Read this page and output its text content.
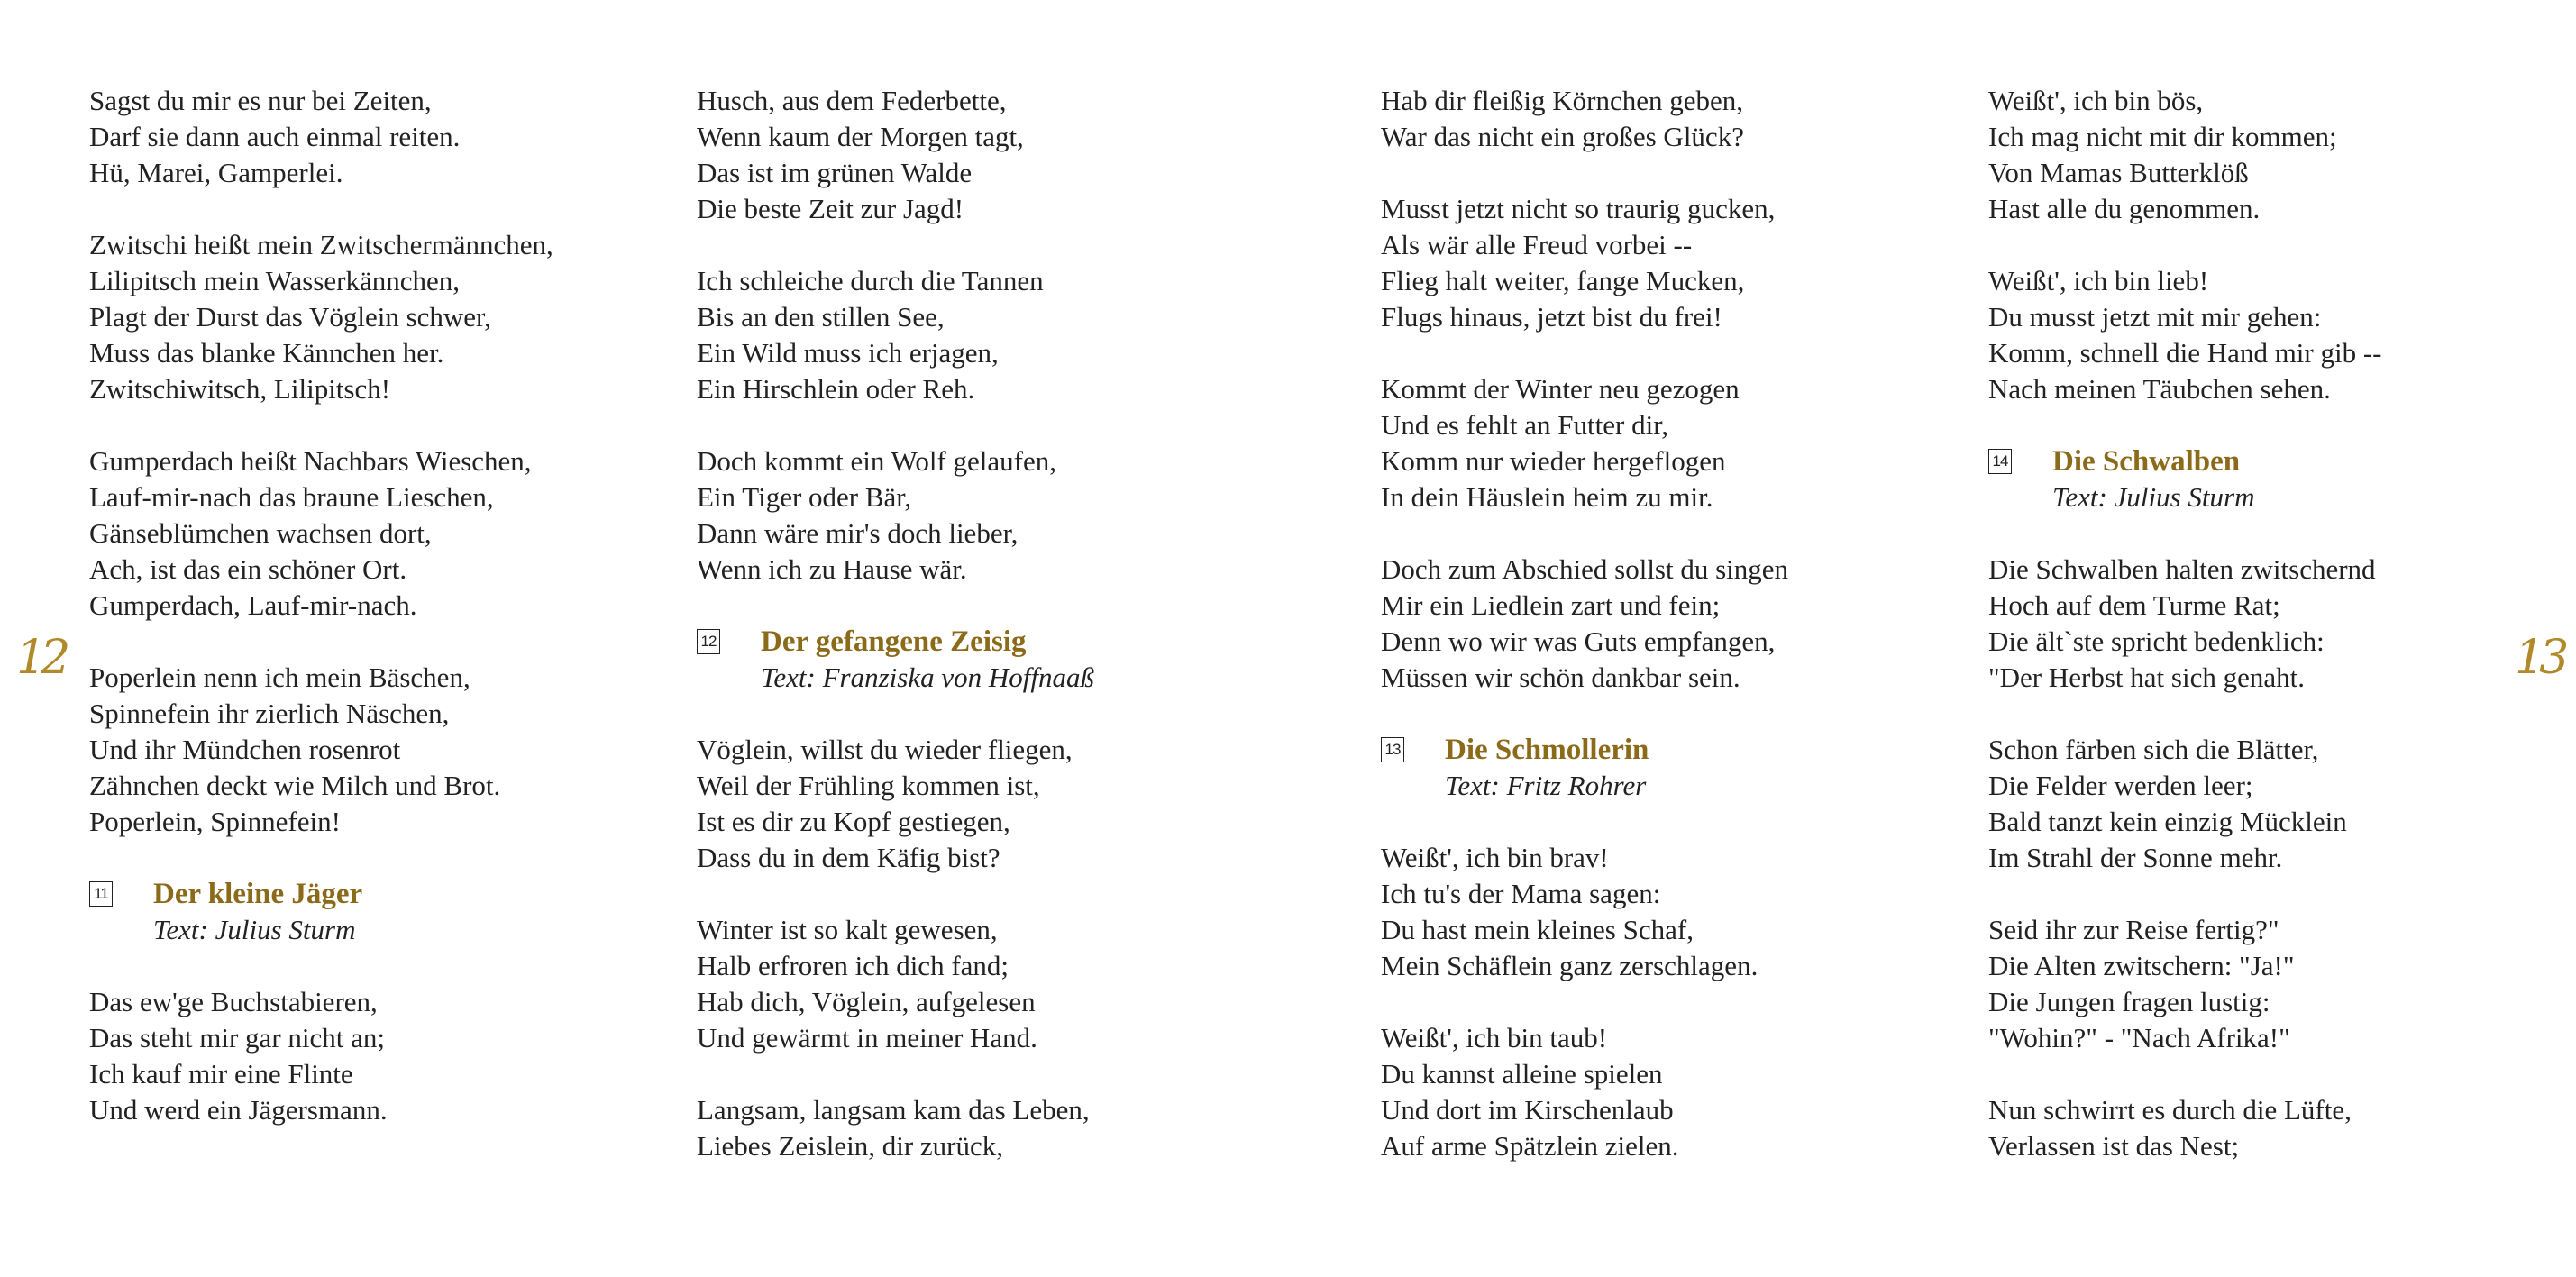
12	13
Sagst du mir es nur bei Zeiten,
Darf sie dann auch einmal reiten.
Hü, Marei, Gamperlei.
Zwitschi heißt mein Zwitschermännchen,
Lilipitsch mein Wasserkännchen,
Plagt der Durst das Vöglein schwer,
Muss das blanke Kännchen her.
Zwitschiwitsch, Lilipitsch!
Gumperdach heißt Nachbars Wieschen,
Lauf-mir-nach das braune Lieschen,
Gänseblümchen wachsen dort,
Ach, ist das ein schöner Ort.
Gumperdach, Lauf-mir-nach.
Poperlein nenn ich mein Bäschen,
Spinnefein ihr zierlich Näschen,
Und ihr Mündchen rosenrot
Zähnchen deckt wie Milch und Brot.
Poperlein, Spinnefein!
11 Der kleine Jäger
Text: Julius Sturm
Das ew'ge Buchstabieren,
Das steht mir gar nicht an;
Ich kauf mir eine Flinte
Und werd ein Jägersmann.
Husch, aus dem Federbette,
Wenn kaum der Morgen tagt,
Das ist im grünen Walde
Die beste Zeit zur Jagd!
Ich schleiche durch die Tannen
Bis an den stillen See,
Ein Wild muss ich erjagen,
Ein Hirschlein oder Reh.
Doch kommt ein Wolf gelaufen,
Ein Tiger oder Bär,
Dann wäre mir's doch lieber,
Wenn ich zu Hause wär.
12 Der gefangene Zeisig
Text: Franziska von Hoffnaaß
Vöglein, willst du wieder fliegen,
Weil der Frühling kommen ist,
Ist es dir zu Kopf gestiegen,
Dass du in dem Käfig bist?
Winter ist so kalt gewesen,
Halb erfroren ich dich fand;
Hab dich, Vöglein, aufgelesen
Und gewärmt in meiner Hand.
Langsam, langsam kam das Leben,
Liebes Zeislein, dir zurück,
Hab dir fleißig Körnchen geben,
War das nicht ein großes Glück?
Musst jetzt nicht so traurig gucken,
Als wär alle Freud vorbei --
Flieg halt weiter, fange Mucken,
Flugs hinaus, jetzt bist du frei!
Kommt der Winter neu gezogen
Und es fehlt an Futter dir,
Komm nur wieder hergeflogen
In dein Häuslein heim zu mir.
Doch zum Abschied sollst du singen
Mir ein Liedlein zart und fein;
Denn wo wir was Guts empfangen,
Müssen wir schön dankbar sein.
13 Die Schmollerin
Text: Fritz Rohrer
Weißt', ich bin brav!
Ich tu's der Mama sagen:
Du hast mein kleines Schaf,
Mein Schäflein ganz zerschlagen.
Weißt', ich bin taub!
Du kannst alleine spielen
Und dort im Kirschenlaub
Auf arme Spätzlein zielen.
Weißt', ich bin bös,
Ich mag nicht mit dir kommen;
Von Mamas Butterklöß
Hast alle du genommen.
Weißt', ich bin lieb!
Du musst jetzt mit mir gehen:
Komm, schnell die Hand mir gib --
Nach meinen Täubchen sehen.
14 Die Schwalben
Text: Julius Sturm
Die Schwalben halten zwitschernd
Hoch auf dem Turme Rat;
Die ält`ste spricht bedenklich:
"Der Herbst hat sich genaht.
Schon färben sich die Blätter,
Die Felder werden leer;
Bald tanzt kein einzig Mücklein
Im Strahl der Sonne mehr.
Seid ihr zur Reise fertig?"
Die Alten zwitschern: "Ja!"
Die Jungen fragen lustig:
"Wohin?" - "Nach Afrika!"
Nun schwirrt es durch die Lüfte,
Verlassen ist das Nest;
